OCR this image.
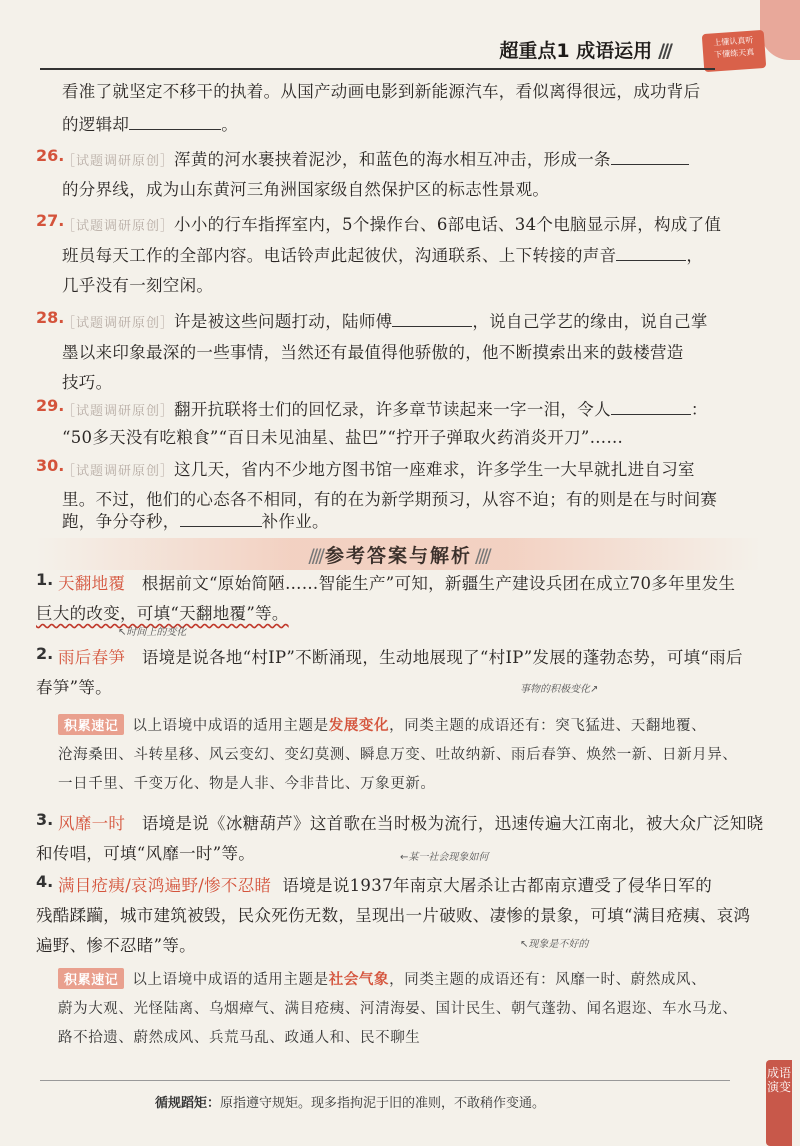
超重点1 成语运用 ///	上懂认真听
下懂练天真
看准了就坚定不移干的执着。从国产动画电影到新能源汽车，看似离得很远，成功背后
的逻辑却	。
26.
［试题调研原创］浑黄的河水裹挟着泥沙，和蓝色的海水相互冲击，形成一条
的分界线，成为山东黄河三角洲国家级自然保护区的标志性景观。
27.
［试题调研原创］小小的行车指挥室内，5个操作台、6部电话、34个电脑显示屏，构成了值
班员每天工作的全部内容。电话铃声此起彼伏，沟通联系、上下转接的声音	，
几乎没有一刻空闲。
28.
［试题调研原创］许是被这些问题打动，陆师傅	，说自己学艺的缘由，说自己掌
墨以来印象最深的一些事情，当然还有最值得他骄傲的，他不断摸索出来的鼓楼营造
技巧。
29.
［试题调研原创］翻开抗联将士们的回忆录，许多章节读起来一字一泪，令人	：
“50多天没有吃粮食”“百日未见油星、盐巴”“拧开子弹取火药消炎开刀”……
30.
［试题调研原创］这几天，省内不少地方图书馆一座难求，许多学生一大早就扎进自习室
里。不过，他们的心态各不相同，有的在为新学期预习，从容不迫；有的则是在与时间赛
//// 参考答案与解析 ////
1. 天翻地覆 根据前文“原始简陋……智能生产”可知，新疆生产建设兵团在成立70多年里发生
巨大的改变，可填“天翻地覆”等。
↖时间上的变化
2. 雨后春笋 语境是说各地“村IP”不断涌现，生动地展现了“村IP”发展的蓬勃态势，可填“雨后
春笋”等。	事物的积极变化↗
积累速记 以上语境中成语的适用主题是发展变化，同类主题的成语还有：突飞猛进、天翻地覆、
沧海桑田、斗转星移、风云变幻、变幻莫测、瞬息万变、吐故纳新、雨后春笋、焕然一新、日新月异、
一日千里、千变万化、物是人非、今非昔比、万象更新。
3. 风靡一时 语境是说《冰糖葫芦》这首歌在当时极为流行，迅速传遍大江南北，被大众广泛知晓
和传唱，可填“风靡一时”等。	←某一社会现象如何
4. 满目疮痍/哀鸿遍野/惨不忍睹 语境是说1937年南京大屠杀让古都南京遭受了侵华日军的
残酷蹂躏，城市建筑被毁，民众死伤无数，呈现出一片破败、凄惨的景象，可填“满目疮痍、哀鸿
遍野、惨不忍睹”等。	↖现象是不好的
积累速记 以上语境中成语的适用主题是社会气象，同类主题的成语还有：风靡一时、蔚然成风、
蔚为大观、光怪陆离、乌烟瘴气、满目疮痍、河清海晏、国计民生、朝气蓬勃、闻名遐迩、车水马龙、
路不拾遗、蔚然成风、兵荒马乱、政通人和、民不聊生
循规蹈矩：原指遵守规矩。现多指拘泥于旧的准则，不敢稍作变通。
成语演变
跑，争分夺秒，	补作业。
